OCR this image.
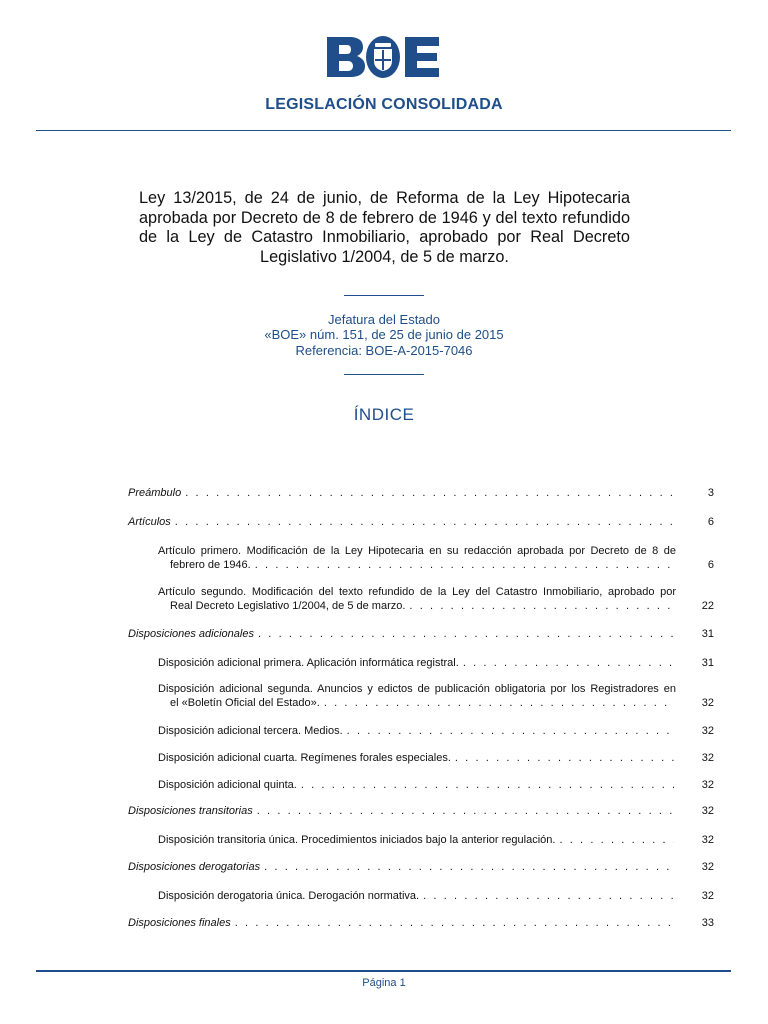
LEGISLACIÓN CONSOLIDADA
Ley 13/2015, de 24 de junio, de Reforma de la Ley Hipotecaria aprobada por Decreto de 8 de febrero de 1946 y del texto refundido de la Ley de Catastro Inmobiliario, aprobado por Real Decreto Legislativo 1/2004, de 5 de marzo.
Jefatura del Estado
«BOE» núm. 151, de 25 de junio de 2015
Referencia: BOE-A-2015-7046
ÍNDICE
Preámbulo . . .	3
Artículos . . .	6
Artículo primero. Modificación de la Ley Hipotecaria en su redacción aprobada por Decreto de 8 de
febrero de 1946. . . .	6
Artículo segundo. Modificación del texto refundido de la Ley del Catastro Inmobiliario, aprobado por
Real Decreto Legislativo 1/2004, de 5 de marzo. . . .	22
Disposiciones adicionales . . .	31
Disposición adicional primera. Aplicación informática registral. . . .	31
Disposición adicional segunda. Anuncios y edictos de publicación obligatoria por los Registradores en
el «Boletín Oficial del Estado». . . .	32
Disposición adicional tercera. Medios. . . .	32
Disposición adicional cuarta. Regímenes forales especiales. . . .	32
Disposición adicional quinta. . . .	32
Disposiciones transitorias . . .	32
Disposición transitoria única. Procedimientos iniciados bajo la anterior regulación. . . .	32
Disposiciones derogatorias . . .	32
Disposición derogatoria única. Derogación normativa. . . .	32
Disposiciones finales . . .	33
Página 1
